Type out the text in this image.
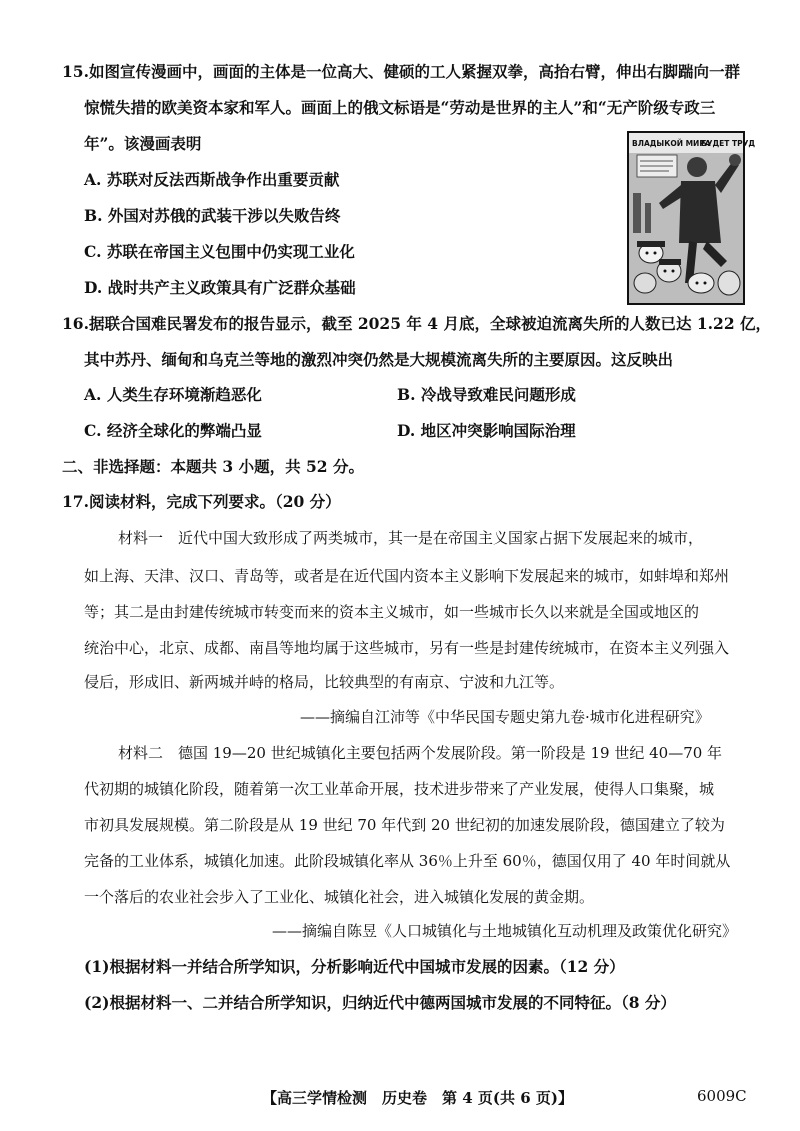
15.如图宣传漫画中，画面的主体是一位高大、健硕的工人紧握双拳，高抬右臂，伸出右脚踹向一群
惊慌失措的欧美资本家和军人。画面上的俄文标语是“劳动是世界的主人”和“无产阶级专政三
年”。该漫画表明
A. 苏联对反法西斯战争作出重要贡献
B. 外国对苏俄的武装干涉以失败告终
C. 苏联在帝国主义包围中仍实现工业化
D. 战时共产主义政策具有广泛群众基础
ВЛАДЫКОЙ МИРА
БУДЕТ ТРУД
16.据联合国难民署发布的报告显示，截至 2025 年 4 月底，全球被迫流离失所的人数已达 1.22 亿，
其中苏丹、缅甸和乌克兰等地的激烈冲突仍然是大规模流离失所的主要原因。这反映出
A. 人类生存环境渐趋恶化	B. 冷战导致难民问题形成
C. 经济全球化的弊端凸显	D. 地区冲突影响国际治理
二、非选择题：本题共 3 小题，共 52 分。
17.阅读材料，完成下列要求。（20 分）
材料一　近代中国大致形成了两类城市，其一是在帝国主义国家占据下发展起来的城市，
如上海、天津、汉口、青岛等，或者是在近代国内资本主义影响下发展起来的城市，如蚌埠和郑州
等；其二是由封建传统城市转变而来的资本主义城市，如一些城市长久以来就是全国或地区的
统治中心，北京、成都、南昌等地均属于这些城市，另有一些是封建传统城市，在资本主义列强入
侵后，形成旧、新两城并峙的格局，比较典型的有南京、宁波和九江等。
——摘编自江沛等《中华民国专题史第九卷·城市化进程研究》
材料二　德国 19—20 世纪城镇化主要包括两个发展阶段。第一阶段是 19 世纪 40—70 年
代初期的城镇化阶段，随着第一次工业革命开展，技术进步带来了产业发展，使得人口集聚，城
市初具发展规模。第二阶段是从 19 世纪 70 年代到 20 世纪初的加速发展阶段，德国建立了较为
完备的工业体系，城镇化加速。此阶段城镇化率从 36％上升至 60％，德国仅用了 40 年时间就从
一个落后的农业社会步入了工业化、城镇化社会，进入城镇化发展的黄金期。
——摘编自陈昱《人口城镇化与土地城镇化互动机理及政策优化研究》
(1)根据材料一并结合所学知识，分析影响近代中国城市发展的因素。（12 分）
(2)根据材料一、二并结合所学知识，归纳近代中德两国城市发展的不同特征。（8 分）
【高三学情检测　历史卷　第 4 页(共 6 页)】	6009C
